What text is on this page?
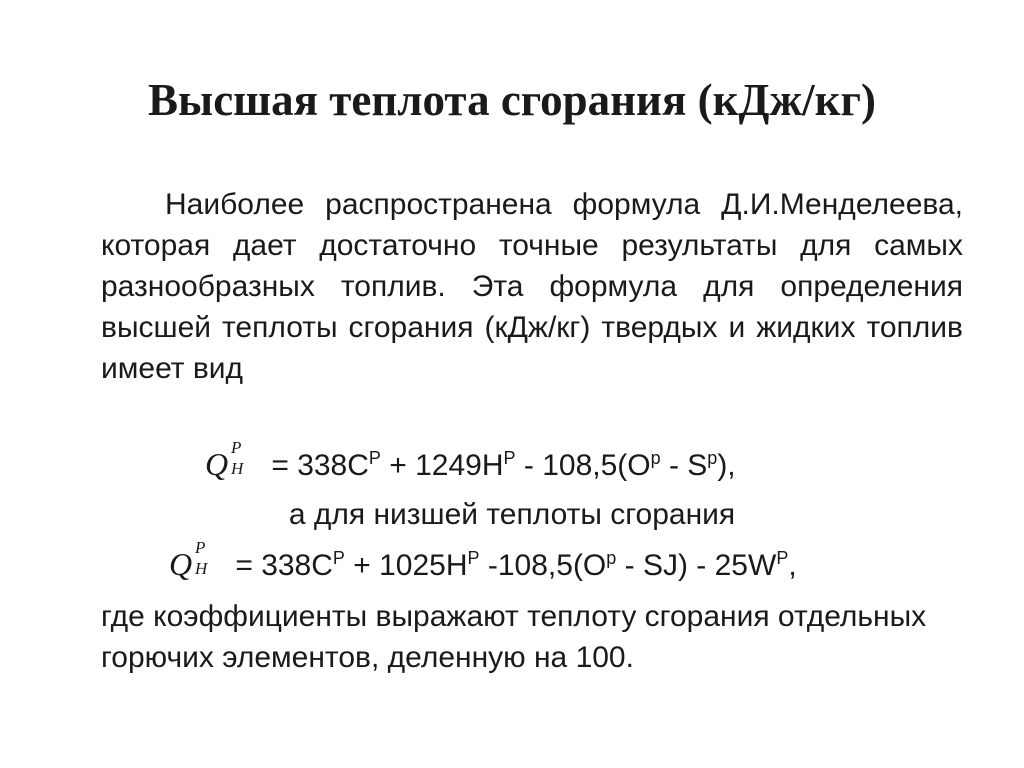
Высшая теплота сгорания (кДж/кг)

Наиболее распространена формула Д.И.Менделеева, которая дает достаточно точные результаты для самых разнообразных топлив. Эта формула для определения высшей теплоты сгорания (кДж/кг) твердых и жидких топлив имеет вид

Q P
$H = 338C^P + 1249H^P - 108,5(O^p - S^p)$,
а для низшей теплоты сгорания
Q P
$H = 338C^P + 1025H^P$ $-108,5(O^p - SJ) - 25W^P$,
где коэффициенты выражают теплоту сгорания отдельных горючих элементов, деленную на 100.
